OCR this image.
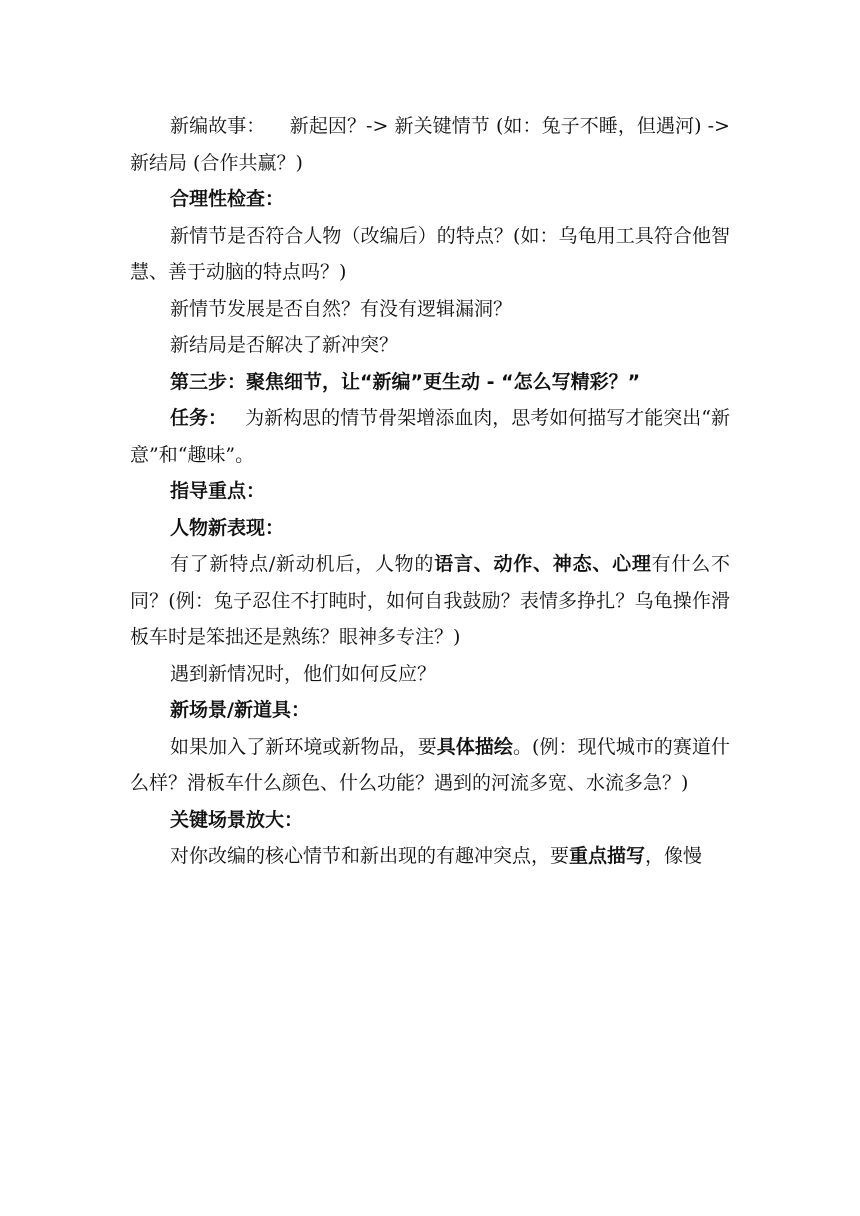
新编故事： 新起因？-> 新关键情节 (如：兔子不睡，但遇河) -> 新结局 (合作共赢？)

合理性检查：

新情节是否符合人物（改编后）的特点？(如：乌龟用工具符合他智慧、善于动脑的特点吗？)

新情节发展是否自然？有没有逻辑漏洞？

新结局是否解决了新冲突？

第三步：聚焦细节，让“新编”更生动 - “怎么写精彩？”

任务： 为新构思的情节骨架增添血肉，思考如何描写才能突出“新意”和“趣味”。

指导重点：

人物新表现：

有了新特点/新动机后，人物的语言、动作、神态、心理有什么不同？(例：兔子忍住不打盹时，如何自我鼓励？表情多挣扎？乌龟操作滑板车时是笨拙还是熟练？眼神多专注？)

遇到新情况时，他们如何反应？

新场景/新道具：

如果加入了新环境或新物品，要具体描绘。(例：现代城市的赛道什么样？滑板车什么颜色、什么功能？遇到的河流多宽、水流多急？)

关键场景放大：

对你改编的核心情节和新出现的有趣冲突点，要重点描写，像慢
